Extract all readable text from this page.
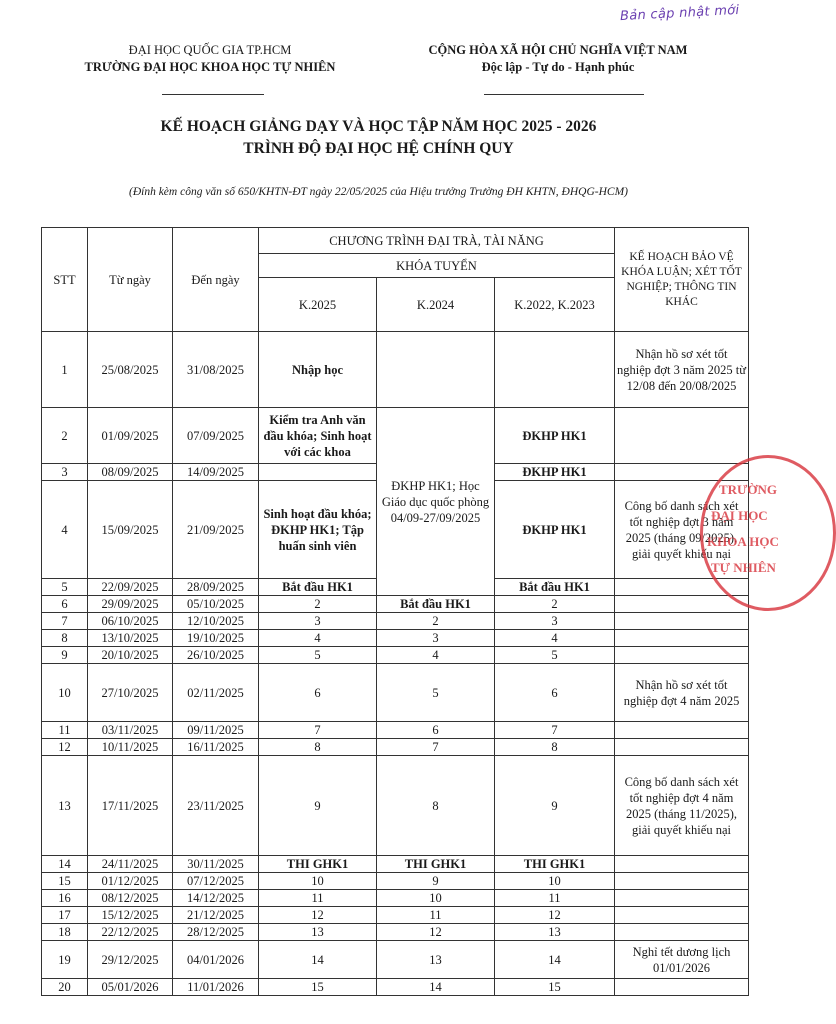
Bản cập nhật mới
ĐẠI HỌC QUỐC GIA TP.HCM
TRƯỜNG ĐẠI HỌC KHOA HỌC TỰ NHIÊN
CỘNG HÒA XÃ HỘI CHỦ NGHĨA VIỆT NAM
Độc lập - Tự do - Hạnh phúc
KẾ HOẠCH GIẢNG DẠY VÀ HỌC TẬP NĂM HỌC 2025 - 2026
TRÌNH ĐỘ ĐẠI HỌC HỆ CHÍNH QUY
(Đính kèm công văn số 650/KHTN-ĐT ngày 22/05/2025 của Hiệu trưởng Trường ĐH KHTN, ĐHQG-HCM)
STT	Từ ngày	Đến ngày	CHƯƠNG TRÌNH ĐẠI TRÀ, TÀI NĂNG			KẾ HOẠCH BẢO VỆ KHÓA LUẬN; XÉT TỐT NGHIỆP; THÔNG TIN KHÁC
			KHÓA TUYỂN			
			K.2025	K.2024	K.2022, K.2023	
1	25/08/2025	31/08/2025	Nhập học			Nhận hồ sơ xét tốt nghiệp đợt 3 năm 2025 từ 12/08 đến 20/08/2025
2	01/09/2025	07/09/2025	Kiểm tra Anh văn đầu khóa; Sinh hoạt với các khoa	ĐKHP HK1; Học Giáo dục quốc phòng 04/09-27/09/2025	ĐKHP HK1	
3	08/09/2025	14/09/2025			ĐKHP HK1	
4	15/09/2025	21/09/2025	Sinh hoạt đầu khóa; ĐKHP HK1; Tập huấn sinh viên		ĐKHP HK1	Công bố danh sách xét tốt nghiệp đợt 3 năm 2025 (tháng 09/2025), giải quyết khiếu nại
5	22/09/2025	28/09/2025	Bắt đầu HK1		Bắt đầu HK1	
6	29/09/2025	05/10/2025	2	Bắt đầu HK1	2	
7	06/10/2025	12/10/2025	3	2	3	
8	13/10/2025	19/10/2025	4	3	4	
9	20/10/2025	26/10/2025	5	4	5	
10	27/10/2025	02/11/2025	6	5	6	Nhận hồ sơ xét tốt nghiệp đợt 4 năm 2025
11	03/11/2025	09/11/2025	7	6	7	
12	10/11/2025	16/11/2025	8	7	8	
13	17/11/2025	23/11/2025	9	8	9	Công bố danh sách xét tốt nghiệp đợt 4 năm 2025 (tháng 11/2025), giải quyết khiếu nại
14	24/11/2025	30/11/2025	THI GHK1	THI GHK1	THI GHK1	
15	01/12/2025	07/12/2025	10	9	10	
16	08/12/2025	14/12/2025	11	10	11	
17	15/12/2025	21/12/2025	12	11	12	
18	22/12/2025	28/12/2025	13	12	13	
19	29/12/2025	04/01/2026	14	13	14	Nghỉ tết dương lịch 01/01/2026
20	05/01/2026	11/01/2026	15	14	15	
TRƯỜNG
ĐẠI HỌC
KHOA HỌC
TỰ NHIÊN
